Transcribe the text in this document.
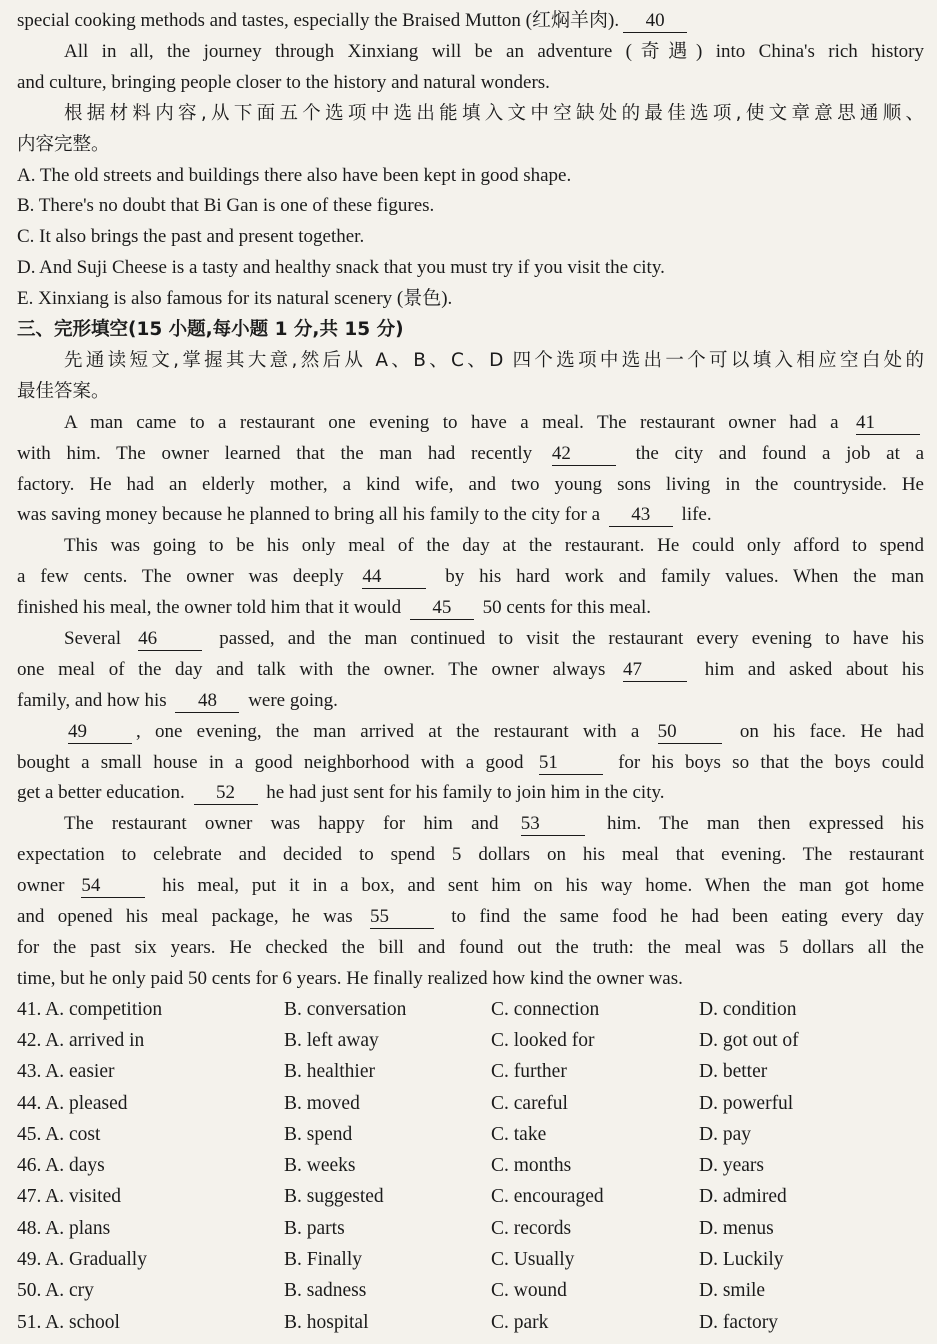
special cooking methods and tastes, especially the Braised Mutton (红焖羊肉). 40
All in all, the journey through Xinxiang will be an adventure (奇遇) into China's rich history
and culture, bringing people closer to the history and natural wonders.
根据材料内容,从下面五个选项中选出能填入文中空缺处的最佳选项,使文章意思通顺、
内容完整。
A. The old streets and buildings there also have been kept in good shape.
B. There's no doubt that Bi Gan is one of these figures.
C. It also brings the past and present together.
D. And Suji Cheese is a tasty and healthy snack that you must try if you visit the city.
E. Xinxiang is also famous for its natural scenery (景色).
三、完形填空(15 小题,每小题 1 分,共 15 分)
先通读短文,掌握其大意,然后从 A、B、C、D 四个选项中选出一个可以填入相应空白处的
最佳答案。
A man came to a restaurant one evening to have a meal. The restaurant owner had a 41
with him. The owner learned that the man had recently 42	the city and found a job at a
factory. He had an elderly mother, a kind wife, and two young sons living in the countryside. He
was saving money because he planned to bring all his family to the city for a 43 life.
This was going to be his only meal of the day at the restaurant. He could only afford to spend
a few cents. The owner was deeply 44	by his hard work and family values. When the man
finished his meal, the owner told him that it would 45 50 cents for this meal.
Several 46	passed, and the man continued to visit the restaurant every evening to have his
one meal of the day and talk with the owner. The owner always 47	him and asked about his
family, and how his 48 were going.
49	, one evening, the man arrived at the restaurant with a 50	on his face. He had
bought a small house in a good neighborhood with a good 51	for his boys so that the boys could
get a better education. 52 he had just sent for his family to join him in the city.
The restaurant owner was happy for him and 53	him. The man then expressed his
expectation to celebrate and decided to spend 5 dollars on his meal that evening. The restaurant
owner 54	his meal, put it in a box, and sent him on his way home. When the man got home
and opened his meal package, he was 55	to find the same food he had been eating every day
for the past six years. He checked the bill and found out the truth: the meal was 5 dollars all the
time, but he only paid 50 cents for 6 years. He finally realized how kind the owner was.
41. A. competition	B. conversation	C. connection	D. condition
42. A. arrived in	B. left away	C. looked for	D. got out of
43. A. easier	B. healthier	C. further	D. better
44. A. pleased	B. moved	C. careful	D. powerful
45. A. cost	B. spend	C. take	D. pay
46. A. days	B. weeks	C. months	D. years
47. A. visited	B. suggested	C. encouraged	D. admired
48. A. plans	B. parts	C. records	D. menus
49. A. Gradually	B. Finally	C. Usually	D. Luckily
50. A. cry	B. sadness	C. wound	D. smile
51. A. school	B. hospital	C. park	D. factory
